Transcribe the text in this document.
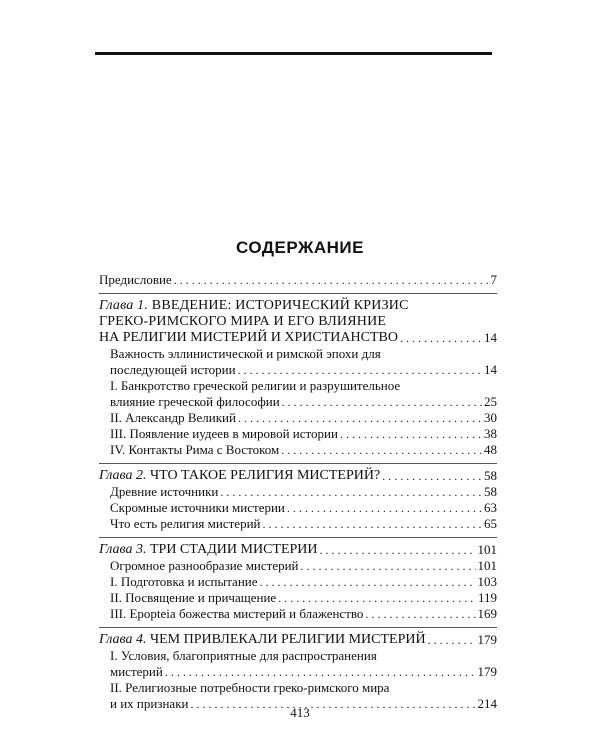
СОДЕРЖАНИЕ
Предисловие . . .	7
Глава 1. ВВЕДЕНИЕ: ИСТОРИЧЕСКИЙ КРИЗИС
ГРЕКО-РИМСКОГО МИРА И ЕГО ВЛИЯНИЕ
НА РЕЛИГИИ МИСТЕРИЙ И ХРИСТИАНСТВО . . .	14
Важность эллинистической и римской эпохи для
последующей истории . . .	14
I. Банкротство греческой религии и разрушительное
влияние греческой философии . . .	25
II. Александр Великий . . .	30
III. Появление иудеев в мировой истории . . .	38
IV. Контакты Рима с Востоком . . .	48
Глава 2. ЧТО ТАКОЕ РЕЛИГИЯ МИСТЕРИЙ? . . .	58
Древние источники . . .	58
Скромные источники мистерии . . .	63
Что есть религия мистерий . . .	65
Глава 3. ТРИ СТАДИИ МИСТЕРИИ . . .	101
Огромное разнообразие мистерий . . .	101
I. Подготовка и испытание . . .	103
II. Посвящение и причащение . . .	119
III. Epopteia божества мистерий и блаженство . . .	169
Глава 4. ЧЕМ ПРИВЛЕКАЛИ РЕЛИГИИ МИСТЕРИЙ . . .	179
I. Условия, благоприятные для распространения
мистерий . . .	179
II. Религиозные потребности греко-римского мира
и их признаки . . .	214
413
